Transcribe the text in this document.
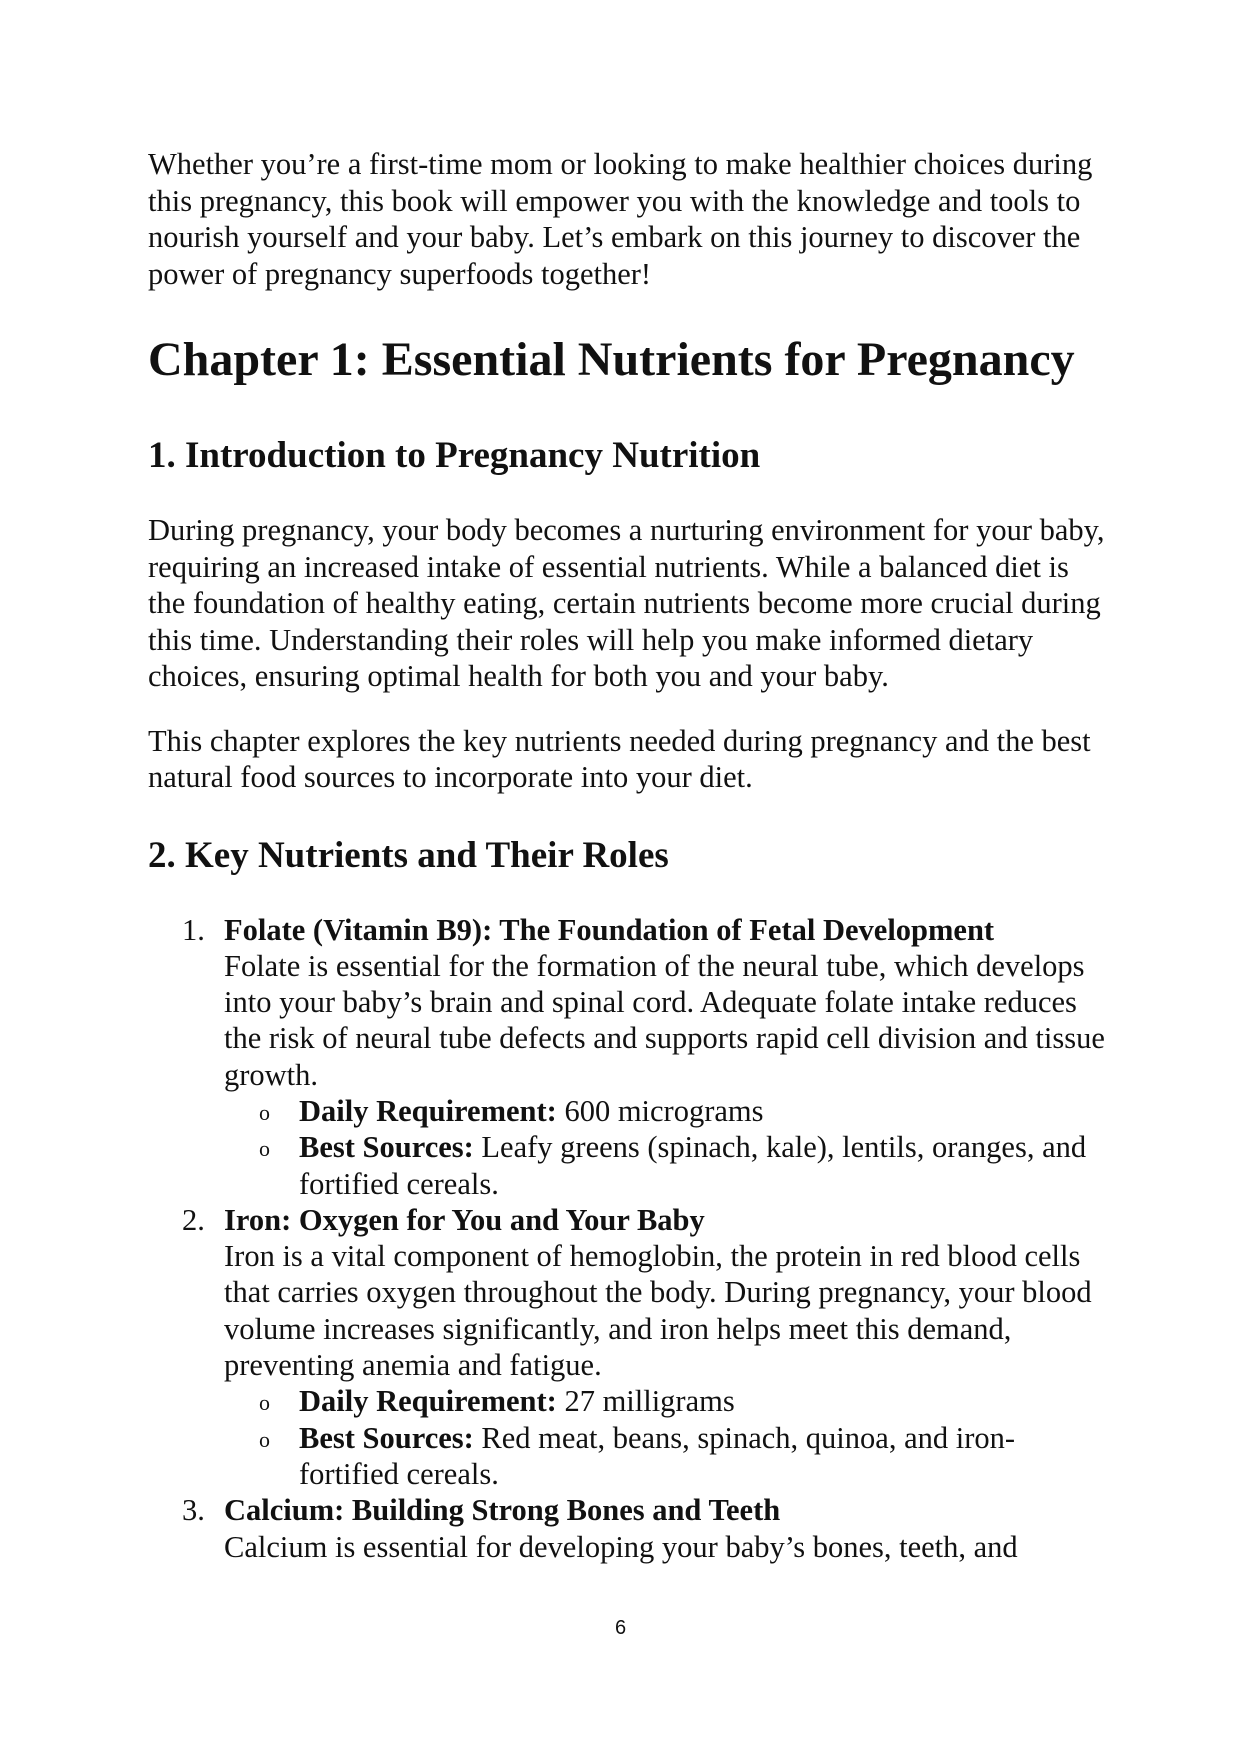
Whether you’re a first-time mom or looking to make healthier choices during this pregnancy, this book will empower you with the knowledge and tools to nourish yourself and your baby. Let’s embark on this journey to discover the power of pregnancy superfoods together!

Chapter 1: Essential Nutrients for Pregnancy
1. Introduction to Pregnancy Nutrition

During pregnancy, your body becomes a nurturing environment for your baby, requiring an increased intake of essential nutrients. While a balanced diet is the foundation of healthy eating, certain nutrients become more crucial during this time. Understanding their roles will help you make informed dietary choices, ensuring optimal health for both you and your baby.

This chapter explores the key nutrients needed during pregnancy and the best natural food sources to incorporate into your diet.

2. Key Nutrients and Their Roles
1. Folate (Vitamin B9): The Foundation of Fetal Development
Folate is essential for the formation of the neural tube, which develops into your baby’s brain and spinal cord. Adequate folate intake reduces the risk of neural tube defects and supports rapid cell division and tissue growth.
o Daily Requirement: 600 micrograms
o Best Sources: Leafy greens (spinach, kale), lentils, oranges, and fortified cereals.
2. Iron: Oxygen for You and Your Baby
Iron is a vital component of hemoglobin, the protein in red blood cells that carries oxygen throughout the body. During pregnancy, your blood volume increases significantly, and iron helps meet this demand, preventing anemia and fatigue.
o Daily Requirement: 27 milligrams
o Best Sources: Red meat, beans, spinach, quinoa, and iron-fortified cereals.
3. Calcium: Building Strong Bones and Teeth
Calcium is essential for developing your baby’s bones, teeth, and
6
